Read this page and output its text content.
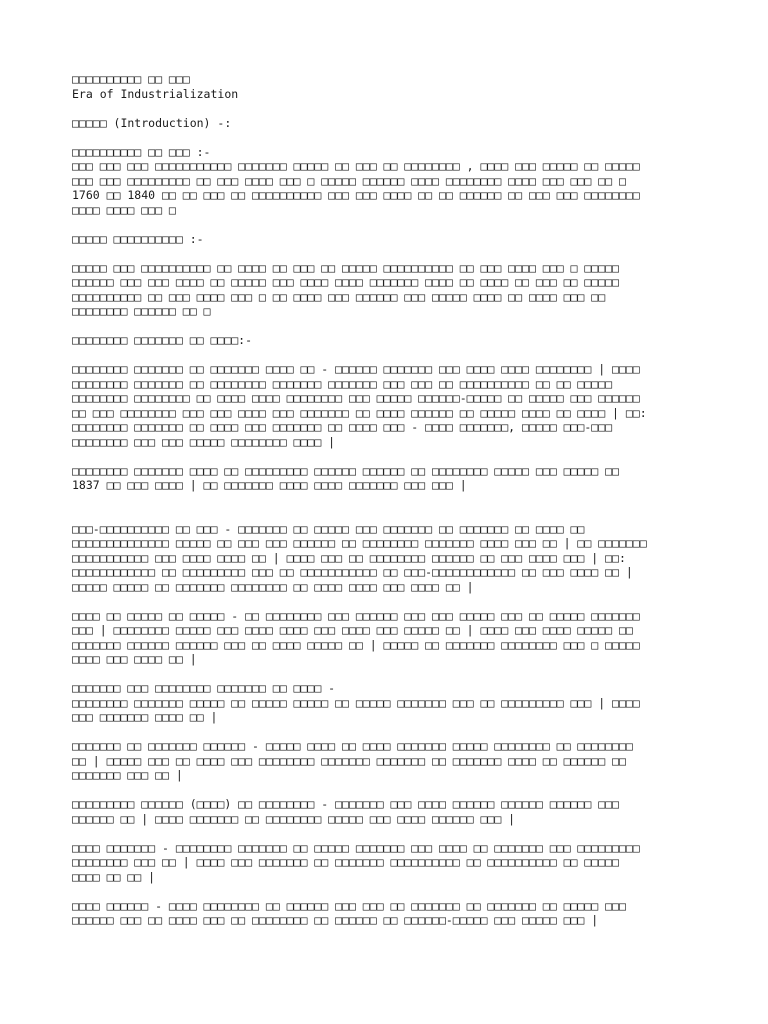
□□□□□□□□□□ □□ □□□
Era of Industrialization
□□□□□ (Introduction) -:
□□□□□□□□□□ □□ □□□ :-
□□□ □□□ □□□ □□□□□□□□□□□ □□□□□□□ □□□□□ □□ □□□ □□ □□□□□□□□ , □□□□ □□□ □□□□□ □□ □□□□□
□□□ □□□ □□□□□□□□□ □□ □□□ □□□□ □□□ □ □□□□□ □□□□□□ □□□□ □□□□□□□□ □□□□ □□□ □□□ □□ □
1760 □□ 1840 □□ □□ □□□ □□ □□□□□□□□□□ □□□ □□□ □□□□ □□ □□ □□□□□□ □□ □□□ □□□ □□□□□□□□
□□□□ □□□□ □□□ □
□□□□□ □□□□□□□□□□ :-
□□□□□ □□□ □□□□□□□□□□ □□ □□□□ □□ □□□ □□ □□□□□ □□□□□□□□□□ □□ □□□ □□□□ □□□ □ □□□□□
□□□□□□ □□□ □□□ □□□□ □□ □□□□□ □□□ □□□□ □□□□ □□□□□□□ □□□□ □□ □□□□ □□ □□□ □□ □□□□□
□□□□□□□□□□ □□ □□□ □□□□ □□□ □ □□ □□□□ □□□ □□□□□□ □□□ □□□□□ □□□□ □□ □□□□ □□□ □□
□□□□□□□□ □□□□□□ □□ □
□□□□□□□□ □□□□□□□ □□ □□□□:-
□□□□□□□□ □□□□□□□ □□ □□□□□□□ □□□□ □□ - □□□□□□ □□□□□□□ □□□ □□□□ □□□□ □□□□□□□□ | □□□□
□□□□□□□□ □□□□□□□ □□ □□□□□□□□ □□□□□□□ □□□□□□□ □□□ □□□ □□ □□□□□□□□□□ □□ □□ □□□□□
□□□□□□□□ □□□□□□□□ □□ □□□□ □□□□ □□□□□□□□ □□□ □□□□□ □□□□□□-□□□□□ □□ □□□□□ □□□ □□□□□□
□□ □□□ □□□□□□□□ □□□ □□□ □□□□ □□□ □□□□□□□ □□ □□□□ □□□□□□ □□ □□□□□ □□□□ □□ □□□□ | □□:
□□□□□□□□ □□□□□□□ □□ □□□□ □□□ □□□□□□□ □□ □□□□ □□□ - □□□□ □□□□□□□, □□□□□ □□□-□□□
□□□□□□□□ □□□ □□□ □□□□□ □□□□□□□□ □□□□ |
□□□□□□□□ □□□□□□□ □□□□ □□ □□□□□□□□□ □□□□□□ □□□□□□ □□ □□□□□□□□ □□□□□ □□□ □□□□□ □□
1837 □□ □□□ □□□□ | □□ □□□□□□□ □□□□ □□□□ □□□□□□□ □□□ □□□ |
□□□-□□□□□□□□□□ □□ □□□ - □□□□□□□ □□ □□□□□ □□□ □□□□□□□ □□ □□□□□□□ □□ □□□□ □□
□□□□□□□□□□□□□□ □□□□□ □□ □□□ □□□ □□□□□□ □□ □□□□□□□□ □□□□□□□ □□□□ □□□ □□ | □□ □□□□□□□
□□□□□□□□□□□ □□□ □□□□ □□□□ □□ | □□□□ □□□ □□ □□□□□□□□ □□□□□□ □□ □□□ □□□□ □□□ | □□:
□□□□□□□□□□□□ □□ □□□□□□□□□ □□□ □□ □□□□□□□□□□□ □□ □□□-□□□□□□□□□□□□ □□ □□□ □□□□ □□ |
□□□□□ □□□□□ □□ □□□□□□□ □□□□□□□□ □□ □□□□ □□□□ □□□ □□□□ □□ |
□□□□ □□ □□□□□ □□ □□□□□ - □□ □□□□□□□□ □□□ □□□□□□ □□□ □□□ □□□□□ □□□ □□ □□□□□ □□□□□□□
□□□ | □□□□□□□□ □□□□□ □□□ □□□□ □□□□ □□□ □□□□ □□□ □□□□□ □□ | □□□□ □□□ □□□□ □□□□□ □□
□□□□□□□ □□□□□□ □□□□□□ □□□ □□ □□□□ □□□□□ □□ | □□□□□ □□ □□□□□□□ □□□□□□□□ □□□ □ □□□□□
□□□□ □□□ □□□□ □□ |
□□□□□□□ □□□ □□□□□□□□ □□□□□□□ □□ □□□□ -
□□□□□□□□ □□□□□□□ □□□□□ □□ □□□□□ □□□□□ □□ □□□□□ □□□□□□□ □□□ □□ □□□□□□□□□ □□□ | □□□□
□□□ □□□□□□□ □□□□ □□ |
□□□□□□□ □□ □□□□□□□ □□□□□□ - □□□□□ □□□□ □□ □□□□ □□□□□□□ □□□□□ □□□□□□□□ □□ □□□□□□□□
□□ | □□□□□ □□□ □□ □□□□ □□□ □□□□□□□□ □□□□□□□ □□□□□□□ □□ □□□□□□□ □□□□ □□ □□□□□□ □□
□□□□□□□ □□□ □□ |
□□□□□□□□□ □□□□□□ (□□□□) □□ □□□□□□□□ - □□□□□□□ □□□ □□□□ □□□□□□ □□□□□□ □□□□□□ □□□
□□□□□□ □□ | □□□□ □□□□□□□ □□ □□□□□□□□ □□□□□ □□□ □□□□ □□□□□□ □□□ |
□□□□ □□□□□□□ - □□□□□□□□ □□□□□□□ □□ □□□□□ □□□□□□□ □□□ □□□□ □□ □□□□□□□ □□□ □□□□□□□□□
□□□□□□□□ □□□ □□ | □□□□ □□□ □□□□□□□ □□ □□□□□□□ □□□□□□□□□□ □□ □□□□□□□□□□ □□ □□□□□
□□□□ □□ □□ |
□□□□ □□□□□□ - □□□□ □□□□□□□□ □□ □□□□□□ □□□ □□□ □□ □□□□□□□ □□ □□□□□□□ □□ □□□□□ □□□
□□□□□□ □□□ □□ □□□□ □□□ □□ □□□□□□□□ □□ □□□□□□ □□ □□□□□□-□□□□□ □□□ □□□□□ □□□ |
